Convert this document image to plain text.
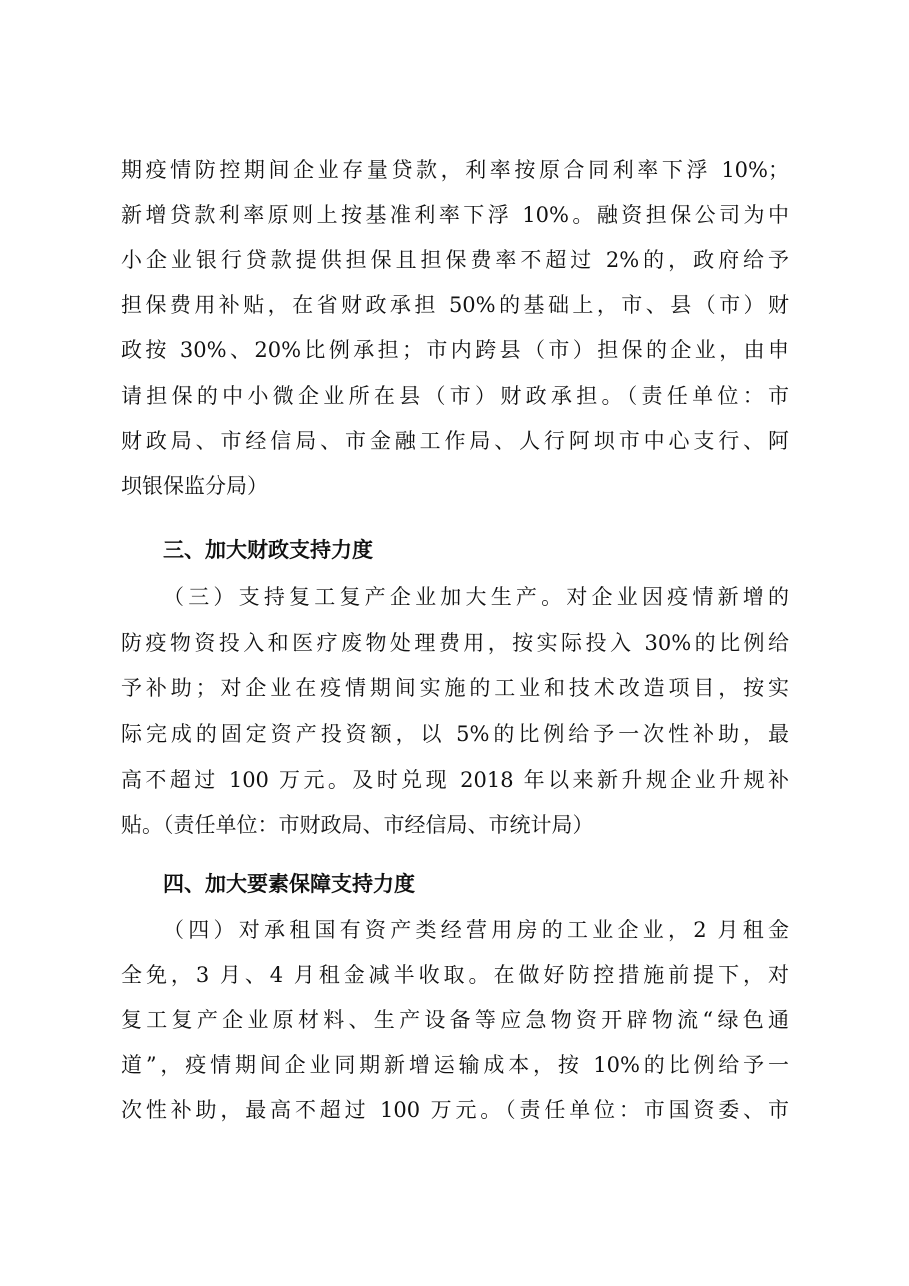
期疫情防控期间企业存量贷款，利率按原合同利率下浮 10%；
新增贷款利率原则上按基准利率下浮 10%。融资担保公司为中
小企业银行贷款提供担保且担保费率不超过 2%的，政府给予
担保费用补贴，在省财政承担 50%的基础上，市、县（市）财
政按 30%、20%比例承担；市内跨县（市）担保的企业，由申
请担保的中小微企业所在县（市）财政承担。（责任单位：市
财政局、市经信局、市金融工作局、人行阿坝市中心支行、阿
坝银保监分局）
三、加大财政支持力度
（三）支持复工复产企业加大生产。对企业因疫情新增的
防疫物资投入和医疗废物处理费用，按实际投入 30%的比例给
予补助；对企业在疫情期间实施的工业和技术改造项目，按实
际完成的固定资产投资额，以 5%的比例给予一次性补助，最
高不超过 100 万元。及时兑现 2018 年以来新升规企业升规补
贴。（责任单位：市财政局、市经信局、市统计局）
四、加大要素保障支持力度
（四）对承租国有资产类经营用房的工业企业，2 月租金
全免，3 月、4 月租金减半收取。在做好防控措施前提下，对
复工复产企业原材料、生产设备等应急物资开辟物流“绿色通
道”，疫情期间企业同期新增运输成本，按 10%的比例给予一
次性补助，最高不超过 100 万元。（责任单位：市国资委、市
